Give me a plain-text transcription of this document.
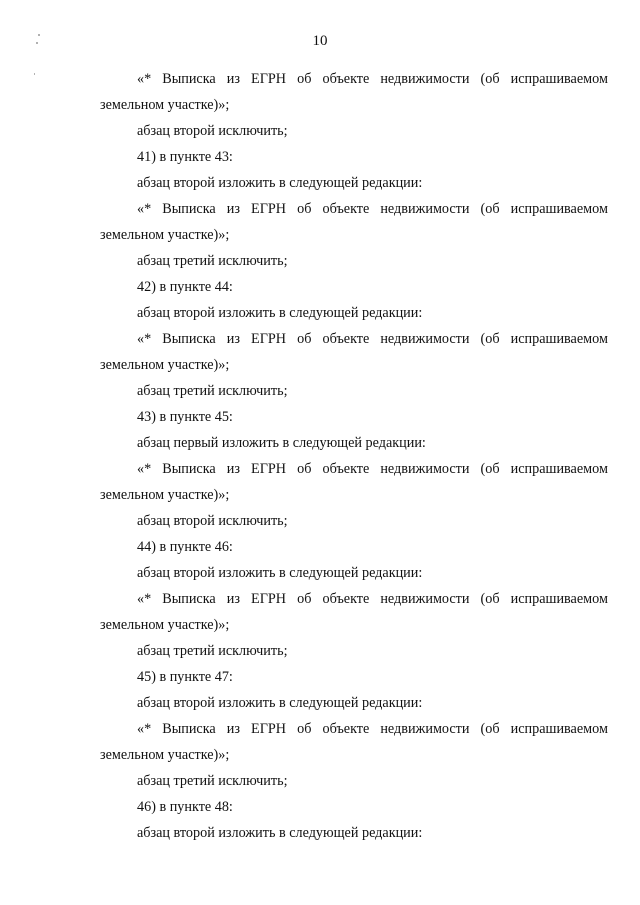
10
«* Выписка из ЕГРН об объекте недвижимости (об испрашиваемом
земельном участке)»;
абзац второй исключить;
41) в пункте 43:
абзац второй изложить в следующей редакции:
«* Выписка из ЕГРН об объекте недвижимости (об испрашиваемом
земельном участке)»;
абзац третий исключить;
42) в пункте 44:
абзац второй изложить в следующей редакции:
«* Выписка из ЕГРН об объекте недвижимости (об испрашиваемом
земельном участке)»;
абзац третий исключить;
43) в пункте 45:
абзац первый изложить в следующей редакции:
«* Выписка из ЕГРН об объекте недвижимости (об испрашиваемом
земельном участке)»;
абзац второй исключить;
44) в пункте 46:
абзац второй изложить в следующей редакции:
«* Выписка из ЕГРН об объекте недвижимости (об испрашиваемом
земельном участке)»;
абзац третий исключить;
45) в пункте 47:
абзац второй изложить в следующей редакции:
«* Выписка из ЕГРН об объекте недвижимости (об испрашиваемом
земельном участке)»;
абзац третий исключить;
46) в пункте 48:
абзац второй изложить в следующей редакции:
